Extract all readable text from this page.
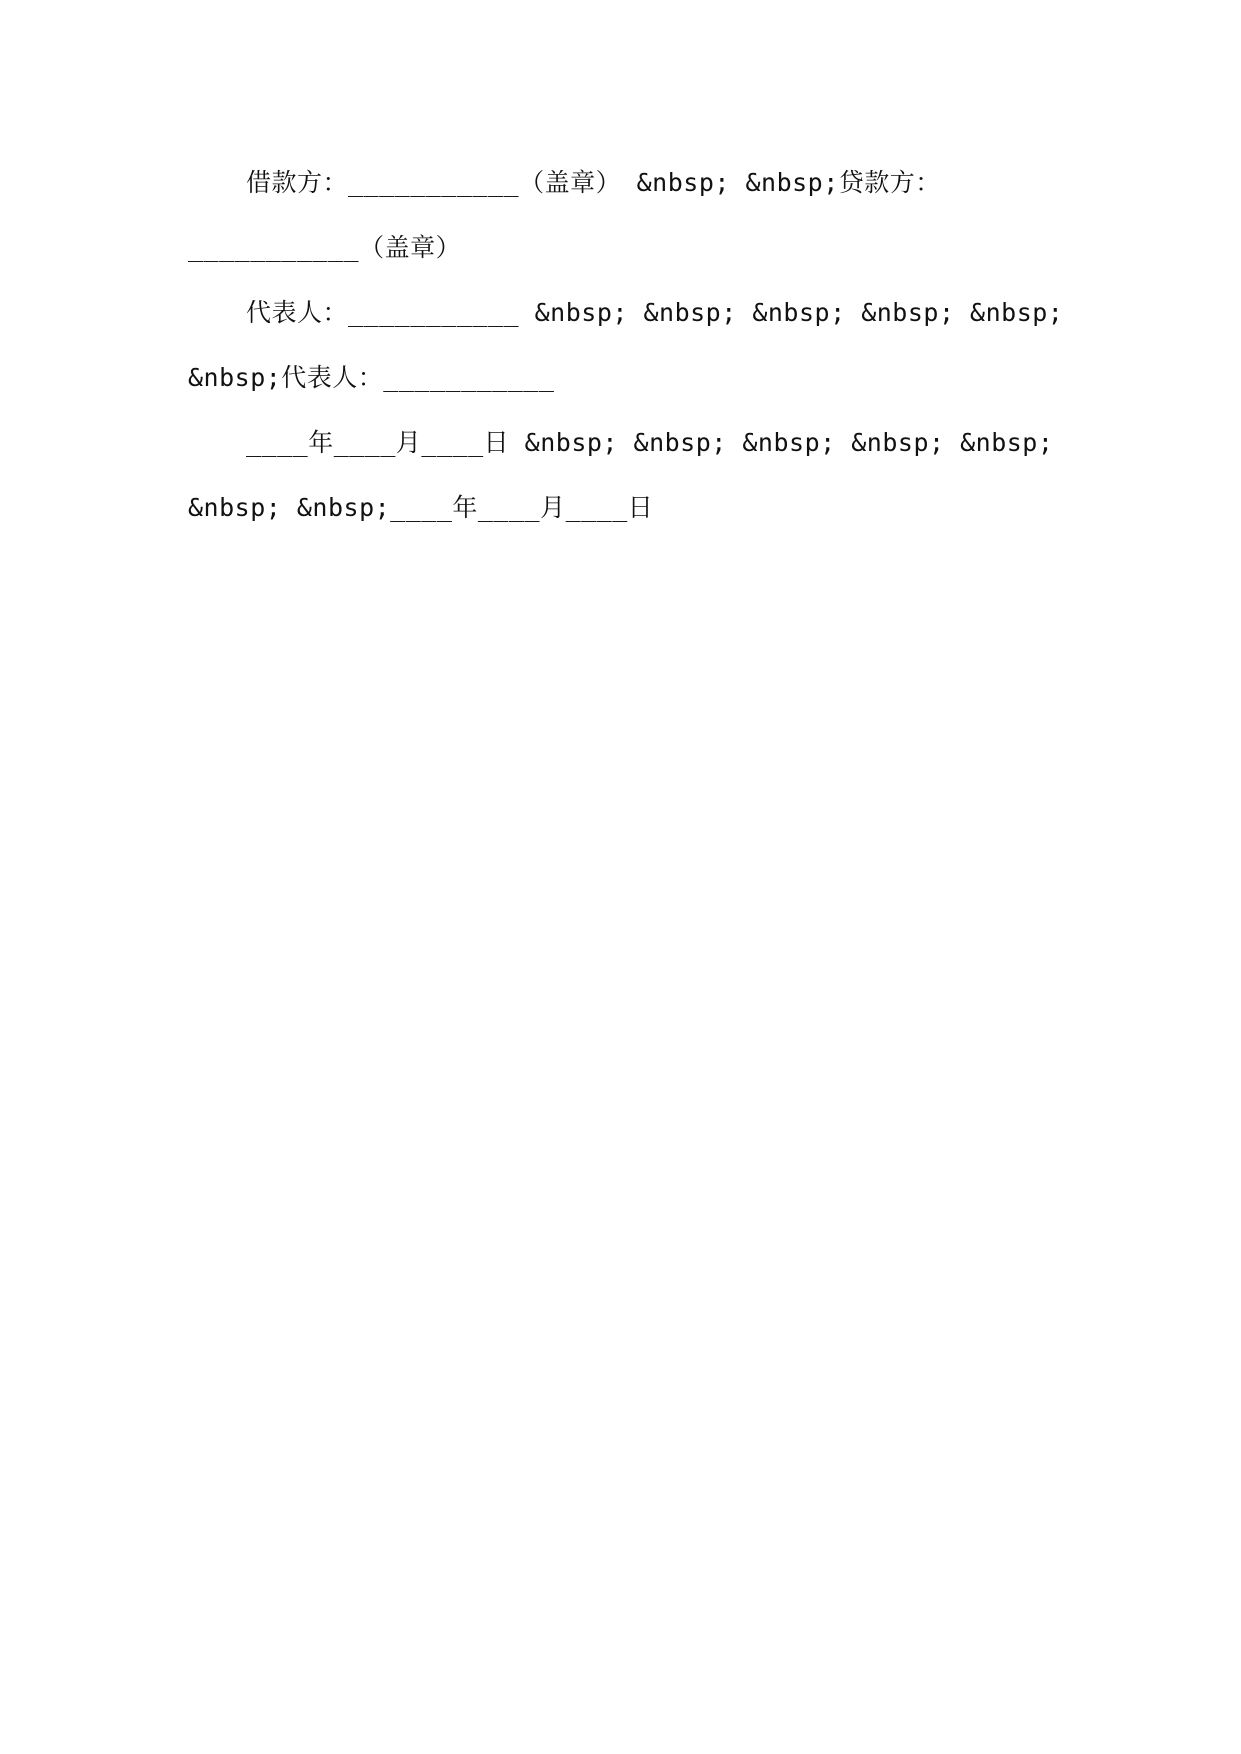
借款方：___________（盖章） &nbsp; &nbsp;贷款方：
___________（盖章）
代表人：___________ &nbsp; &nbsp; &nbsp; &nbsp; &nbsp;
&nbsp;代表人：___________
____年____月____日 &nbsp; &nbsp; &nbsp; &nbsp; &nbsp;
&nbsp; &nbsp;____年____月____日
